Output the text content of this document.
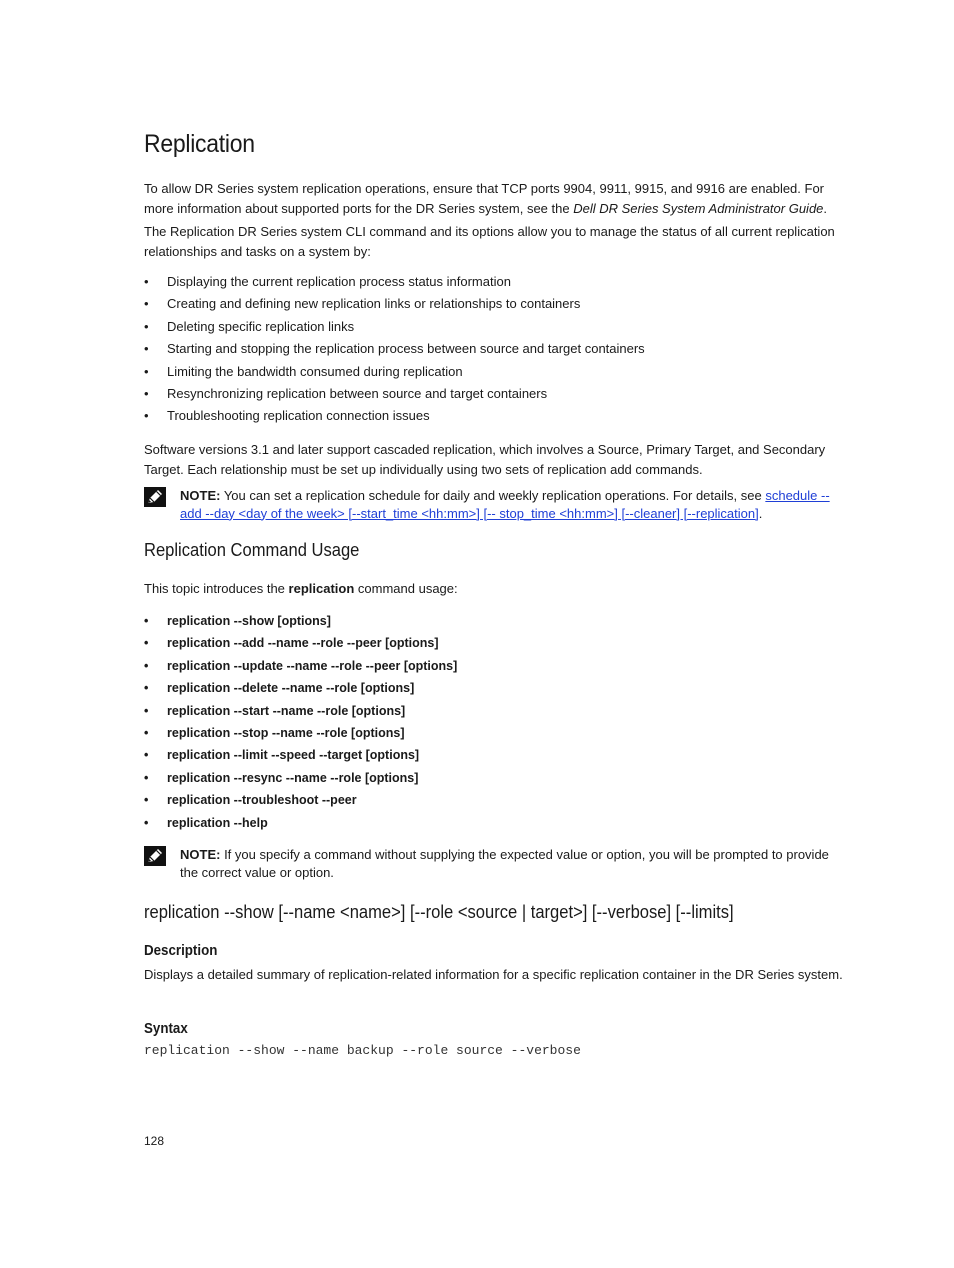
Replication

To allow DR Series system replication operations, ensure that TCP ports 9904, 9911, 9915, and 9916 are enabled. For more information about supported ports for the DR Series system, see the Dell DR Series System Administrator Guide.

The Replication DR Series system CLI command and its options allow you to manage the status of all current replication relationships and tasks on a system by:

• Displaying the current replication process status information
• Creating and defining new replication links or relationships to containers
• Deleting specific replication links
• Starting and stopping the replication process between source and target containers
• Limiting the bandwidth consumed during replication
• Resynchronizing replication between source and target containers
• Troubleshooting replication connection issues

Software versions 3.1 and later support cascaded replication, which involves a Source, Primary Target, and Secondary Target. Each relationship must be set up individually using two sets of replication add commands.

NOTE: You can set a replication schedule for daily and weekly replication operations. For details, see schedule --add --day <day of the week> [--start_time <hh:mm>] [-- stop_time <hh:mm>] [--cleaner] [--replication].
Replication Command Usage

This topic introduces the replication command usage:

• replication --show [options]
• replication --add --name --role --peer [options]
• replication --update --name --role --peer [options]
• replication --delete --name --role [options]
• replication --start --name --role [options]
• replication --stop --name --role [options]
• replication --limit --speed --target [options]
• replication --resync --name --role [options]
• replication --troubleshoot --peer
• replication --help
NOTE: If you specify a command without supplying the expected value or option, you will be prompted to provide the correct value or option.
replication --show [--name <name>] [--role <source | target>] [--verbose] [--limits]
Description

Displays a detailed summary of replication-related information for a specific replication container in the DR Series system.

Syntax
replication --show --name backup --role source --verbose
128
